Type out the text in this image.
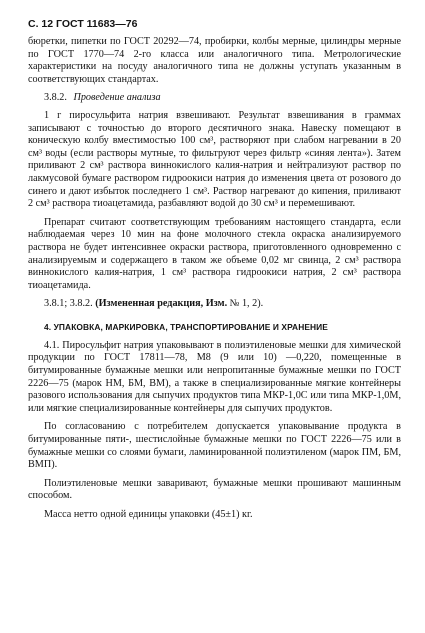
С. 12 ГОСТ 11683—76

бюретки, пипетки по ГОСТ 20292—74, пробирки, колбы мерные, цилиндры мерные по ГОСТ 1770—74 2-го класса или аналогичного типа. Метрологические характеристики на посуду аналогичного типа не должны уступать указанным в соответствующих стандартах.

3.8.2. Проведение анализа

1 г пиросульфита натрия взвешивают. Результат взвешивания в граммах записывают с точностью до второго десятичного знака. Навеску помещают в коническую колбу вместимостью 100 см³, растворяют при слабом нагревании в 20 см³ воды (если растворы мутные, то фильтруют через фильтр «синяя лента»). Затем приливают 2 см³ раствора виннокислого калия-натрия и нейтрализуют раствор по лакмусовой бумаге раствором гидроокиси натрия до изменения цвета от розового до синего и дают избыток последнего 1 см³. Раствор нагревают до кипения, приливают 2 см³ раствора тиоацетамида, разбавляют водой до 30 см³ и перемешивают.

Препарат считают соответствующим требованиям настоящего стандарта, если наблюдаемая через 10 мин на фоне молочного стекла окраска анализируемого раствора не будет интенсивнее окраски раствора, приготовленного одновременно с анализируемым и содержащего в таком же объеме 0,02 мг свинца, 2 см³ раствора виннокислого калия-натрия, 1 см³ раствора гидроокиси натрия, 2 см³ раствора тиоацетамида.

3.8.1; 3.8.2. (Измененная редакция, Изм. № 1, 2).

4. УПАКОВКА, МАРКИРОВКА, ТРАНСПОРТИРОВАНИЕ И ХРАНЕНИЕ

4.1. Пиросульфит натрия упаковывают в полиэтиленовые мешки для химической продукции по ГОСТ 17811—78, М8 (9 или 10) —0,220, помещенные в битумированные бумажные мешки или непропитанные бумажные мешки по ГОСТ 2226—75 (марок НМ, БМ, ВМ), а также в специализированные мягкие контейнеры разового использования для сыпучих продуктов типа МКР-1,0С или типа МКР-1,0М, или мягкие специализированные контейнеры для сыпучих продуктов.

По согласованию с потребителем допускается упаковывание продукта в битумированные пяти-, шестислойные бумажные мешки по ГОСТ 2226—75 или в бумажные мешки со слоями бумаги, ламинированной полиэтиленом (марок ПМ, БМ, ВМП).

Полиэтиленовые мешки заваривают, бумажные мешки прошивают машинным способом.

Масса нетто одной единицы упаковки (45±1) кг.
